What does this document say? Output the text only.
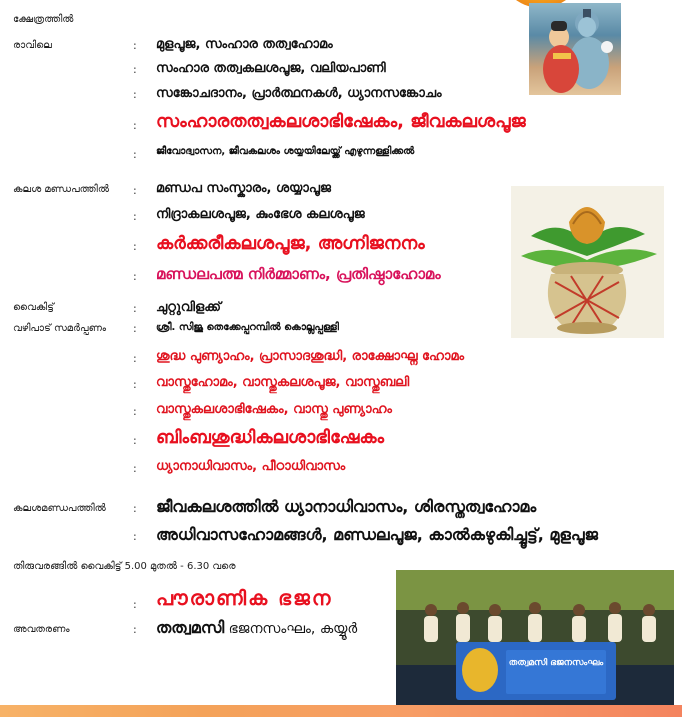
ക്ഷേത്രത്തിൽ
രാവിലെ	: മുളപൂജ, സംഹാര തത്വഹോമം
: സംഹാര തത്വകലശപൂജ, വലിയപാണി
: സങ്കോചദാനം, പ്രാർത്ഥനകൾ, ധ്യാനസങ്കോചം
: സംഹാരതത്വകലശാഭിഷേകം, ജീവകലശപൂജ
: ജീവോദ്വാസന, ജീവകലശം ശയ്യയിലേയ്ക്ക് എഴുന്നള്ളിക്കൽ
കലശ മണ്ഡപത്തിൽ : മണ്ഡപ സംസ്കാരം, ശയ്യാപൂജ
: നിദ്രാകലശപൂജ, കുംഭേശ കലശപൂജ
: കർക്കരീകലശപൂജ, അഗ്നിജനനം
: മണ്ഡലപത്മ നിർമ്മാണം, പ്രതിഷ്ഠാഹോമം
വൈകിട്ട്	: ചുറ്റുവിളക്ക്
വഴിപാട് സമർപ്പണം : ശ്രീ. സിജു തെക്കേപ്പറമ്പിൽ കൊല്ലപ്പള്ളി
: ശുദ്ധ പുണ്യാഹം, പ്രാസാദശുദ്ധി, രാക്ഷോഘ്ന ഹോമം
: വാസ്തുഹോമം, വാസ്തുകലശപൂജ, വാസ്തുബലി
: വാസ്തുകലശാഭിഷേകം, വാസ്തു പുണ്യാഹം
: ബിംബശുദ്ധികലശാഭിഷേകം
: ധ്യാനാധിവാസം, പീഠാധിവാസം
കലശമണ്ഡപത്തിൽ : ജീവകലശത്തിൽ ധ്യാനാധിവാസം, ശിരസ്തത്വഹോമം
: അധിവാസഹോമങ്ങൾ, മണ്ഡലപൂജ, കാൽകഴുകിച്ചൂട്ട്, മുളപൂജ
തിരുവരങ്ങിൽ വൈകിട്ട് 5.00 മുതൽ - 6.30 വരെ
: പൗരാണിക ഭജന
അവതരണം	: തത്വമസി ഭജനസംഘം, കയ്യൂർ
തത്വമസി ഭജനസംഘം
